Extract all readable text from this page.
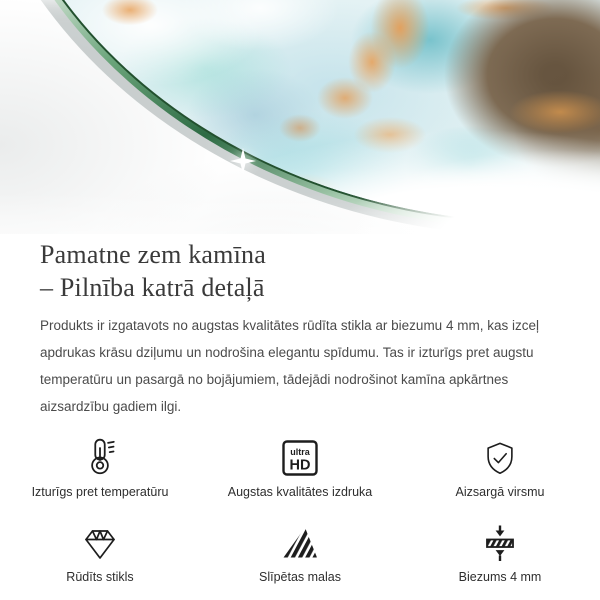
Pamatne zem kamīna
– Pilnība katrā detaļā

Produkts ir izgatavots no augstas kvalitātes rūdīta stikla ar biezumu 4 mm, kas izceļ apdrukas krāsu dziļumu un nodrošina elegantu spīdumu. Tas ir izturīgs pret augstu temperatūru un pasargā no bojājumiem, tādejādi nodrošinot kamīna apkārtnes aizsardzību gadiem ilgi.

Izturīgs pret temperatūru
ultra
HD
Augstas kvalitātes izdruka	Aizsargā virsmu
Rūdīts stikls	Slīpētas malas	Biezums 4 mm
